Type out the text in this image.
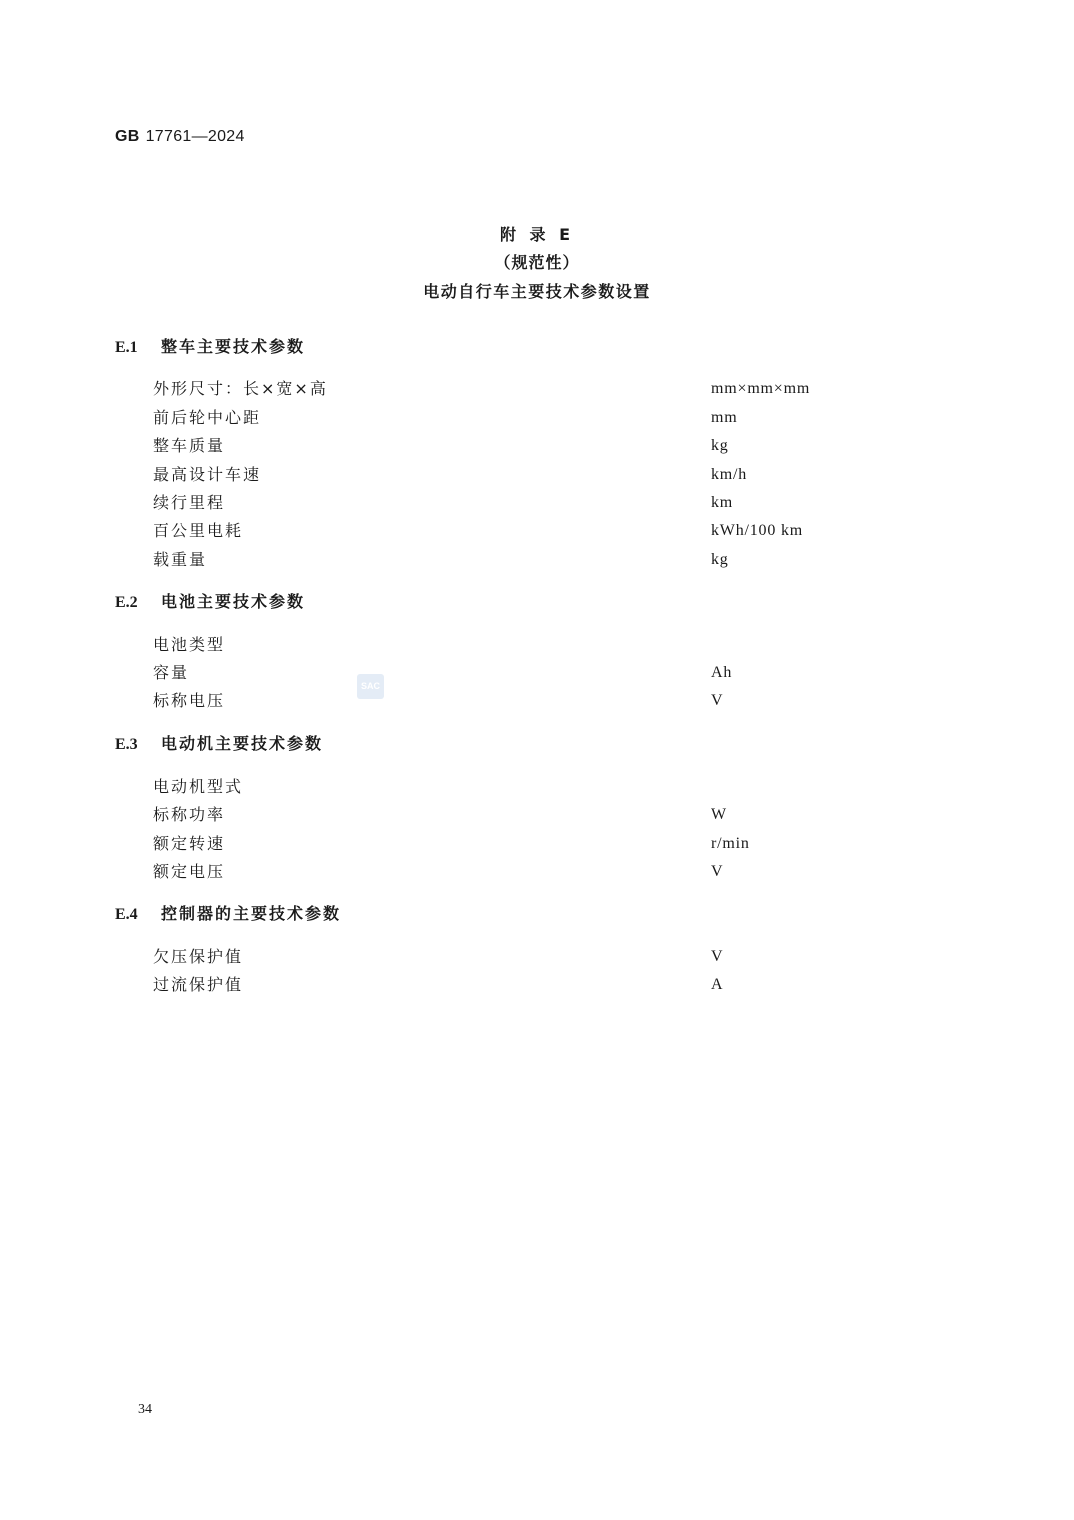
GB 17761—2024
附 录 E
（规范性）
电动自行车主要技术参数设置
E.1 整车主要技术参数
外形尺寸：长×宽×高	mm×mm×mm
前后轮中心距	mm
整车质量	kg
最高设计车速	km/h
续行里程	km
百公里电耗	kWh/100 km
载重量	kg
E.2 电池主要技术参数
电池类型
容量	Ah
标称电压	V
E.3 电动机主要技术参数
电动机型式
标称功率	W
额定转速	r/min
额定电压	V
E.4 控制器的主要技术参数
欠压保护值	V
过流保护值	A
SAC
34
